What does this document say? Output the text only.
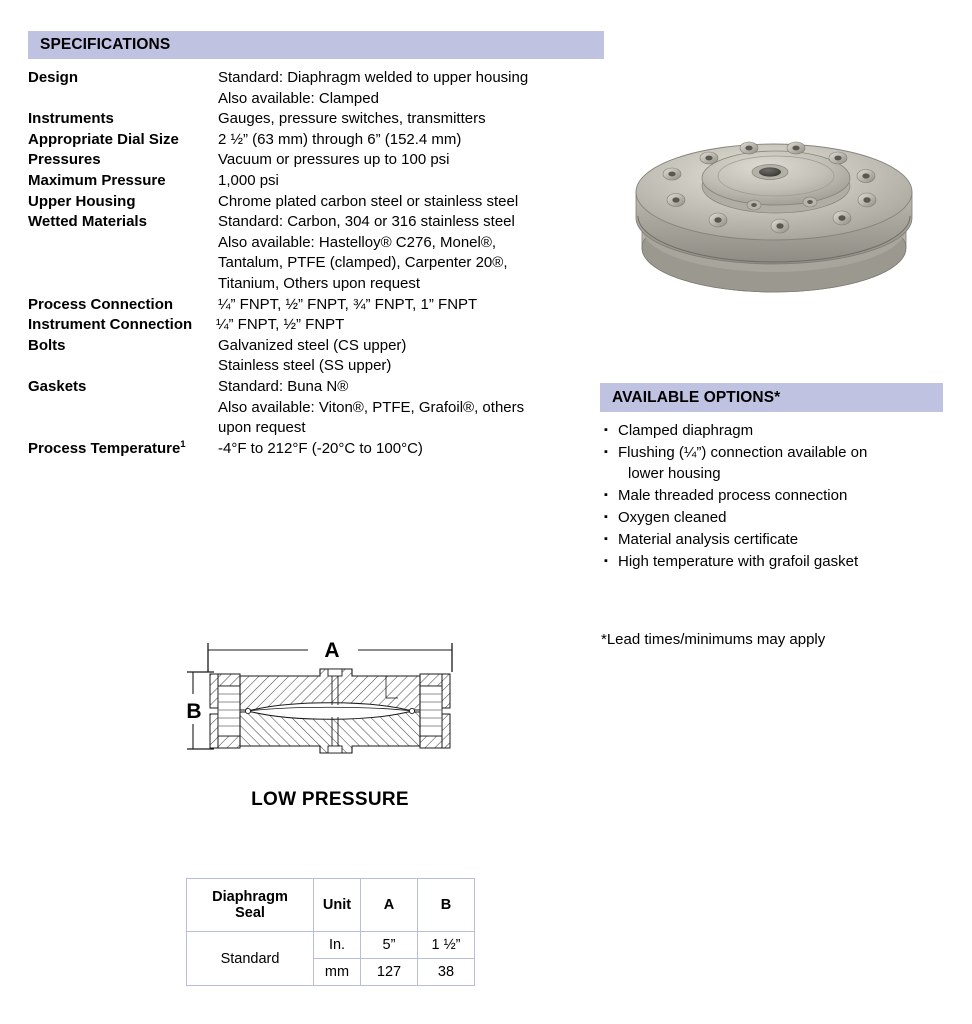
SPECIFICATIONS
Design	Standard: Diaphragm welded to upper housing
Also available: Clamped
Instruments	Gauges, pressure switches, transmitters
Appropriate Dial Size	2 ½” (63 mm) through 6” (152.4 mm)
Pressures	Vacuum or pressures up to 100 psi
Maximum Pressure	1,000 psi
Upper Housing	Chrome plated carbon steel or stainless steel
Wetted Materials	Standard: Carbon, 304 or 316 stainless steel
Also available: Hastelloy® C276, Monel®,
Tantalum, PTFE (clamped), Carpenter 20®,
Titanium, Others upon request
Process Connection	¼” FNPT, ½” FNPT, ¾” FNPT, 1” FNPT
Instrument Connection	¼” FNPT, ½” FNPT
Bolts	Galvanized steel (CS upper)
Stainless steel (SS upper)
Gaskets	Standard: Buna N®
Also available: Viton®, PTFE, Grafoil®, others
upon request
Process Temperature$^1$	-4°F to 212°F (-20°C to 100°C)
AVAILABLE OPTIONS*
▪ Clamped diaphragm
▪ Flushing (¼”) connection available on
lower housing
▪ Male threaded process connection
▪ Oxygen cleaned
▪ Material analysis certificate
▪ High temperature with grafoil gasket
*Lead times/minimums may apply
A
B
LOW PRESSURE
Diaphragm
Seal	Unit	A	B
Standard	In.	5”	1 ½”
	mm	127	38
